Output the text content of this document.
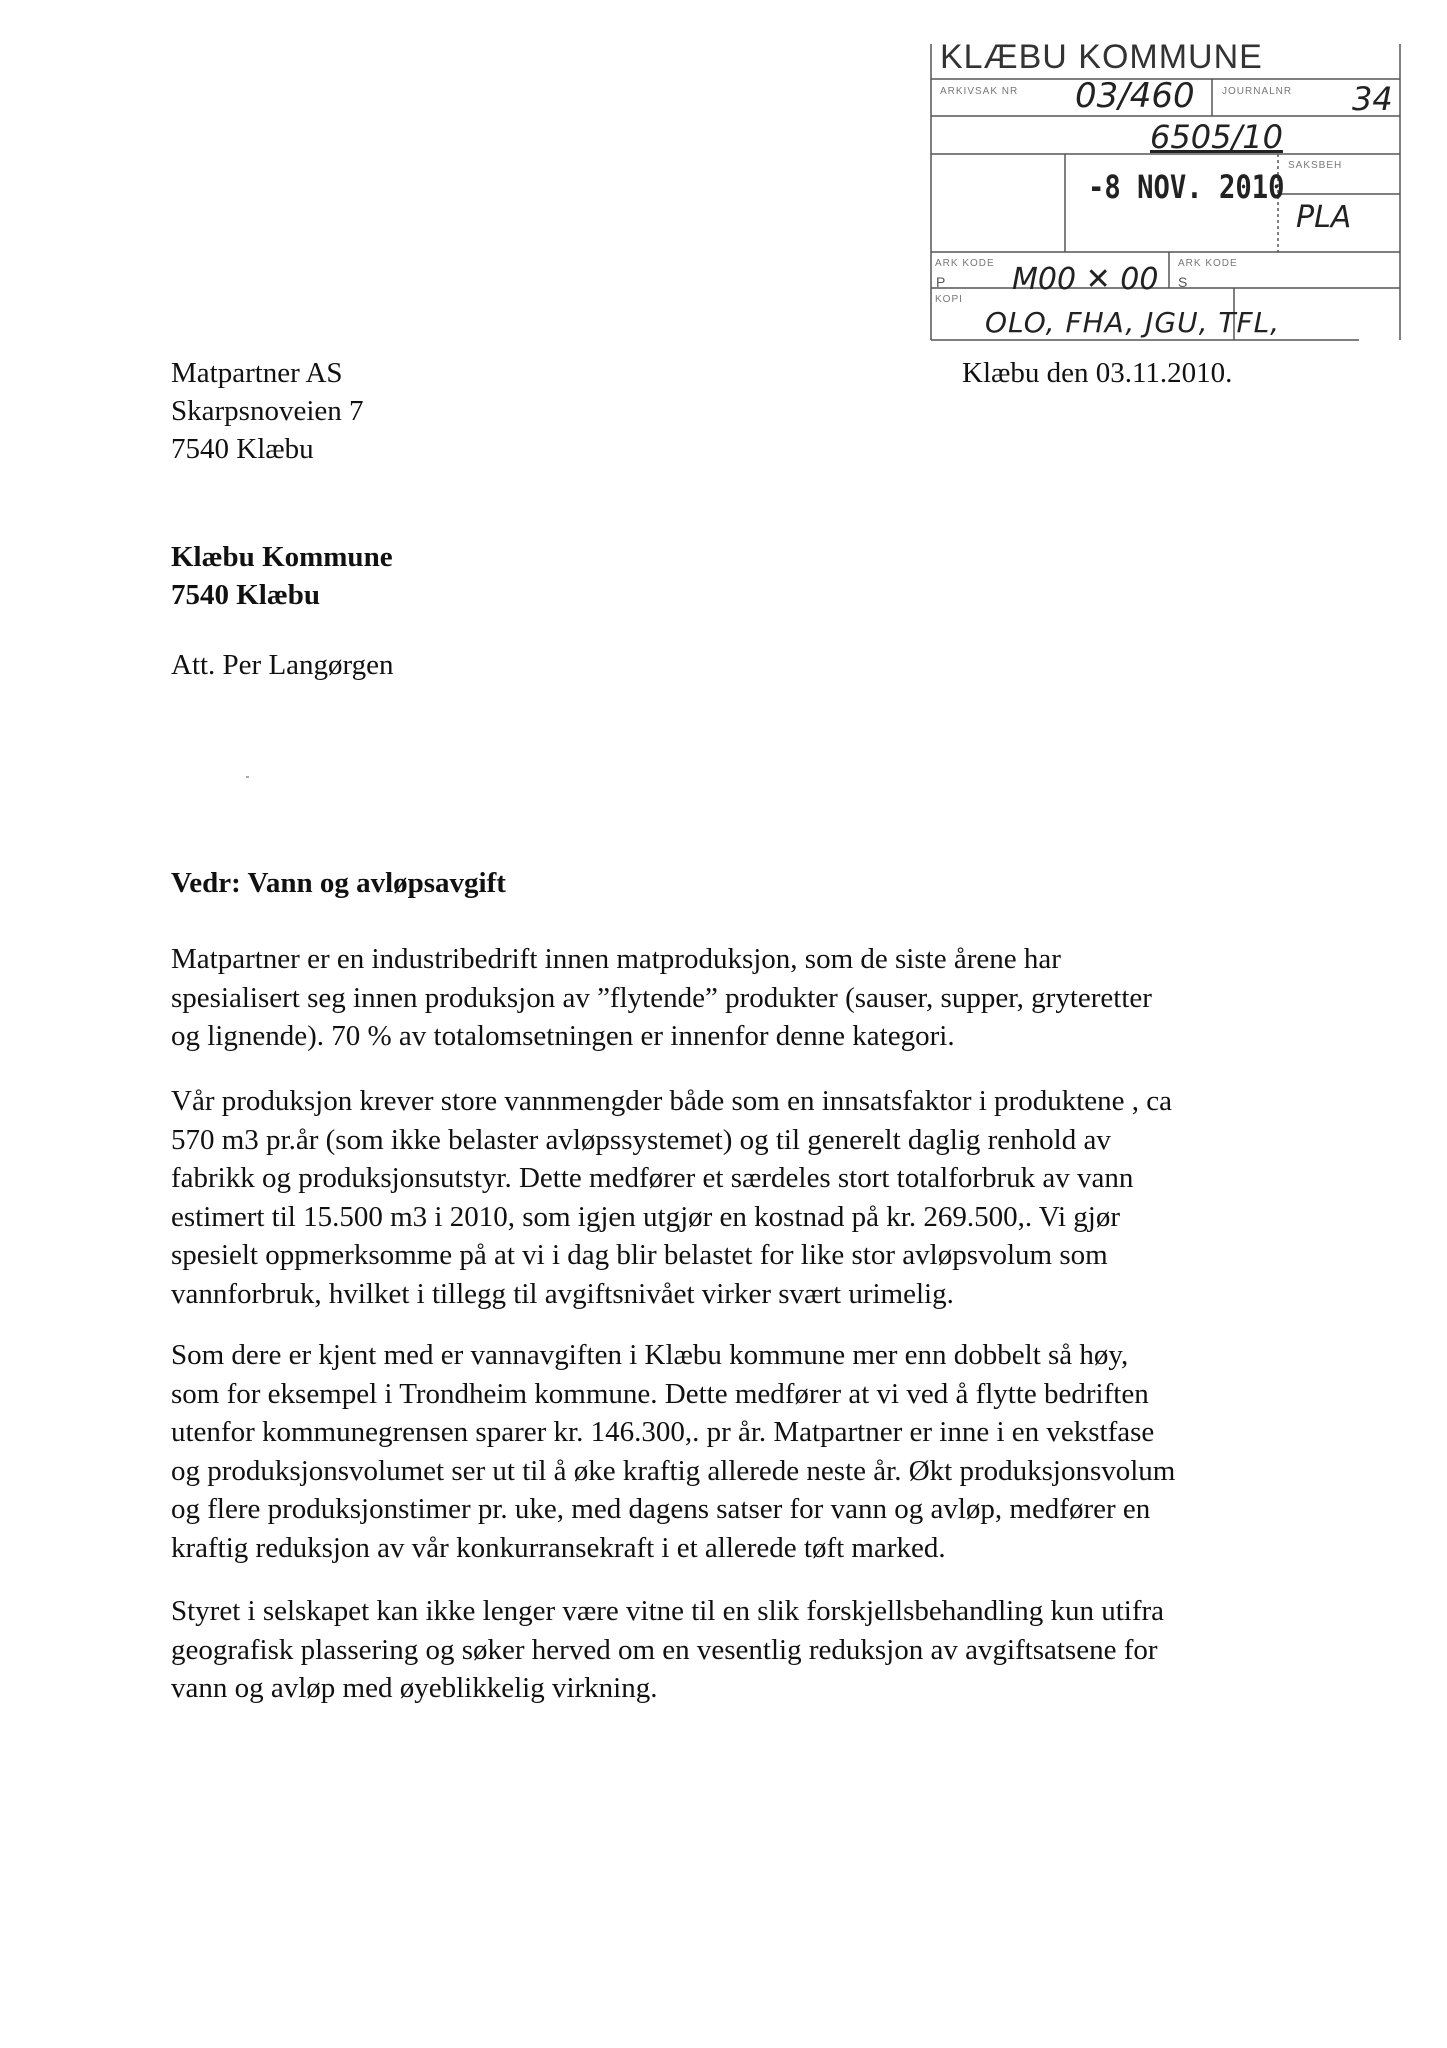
KLÆBU KOMMUNE
ARKIVSAK NR 03/460	JOURNALNR 34
6505/10
-8 NOV. 2010
SAKSBEH
PLA
ARK KODE
P M00 ✕ 00 ARK KODE
S
KOPI
OLO, FHA, JGU, TFL,
Matpartner AS
Skarpsnoveien 7
7540 Klæbu
Klæbu den 03.11.2010.
Klæbu Kommune
7540 Klæbu
Att. Per Langørgen
Vedr: Vann og avløpsavgift
Matpartner er en industribedrift innen matproduksjon, som de siste årene har
spesialisert seg innen produksjon av ”flytende” produkter (sauser, supper, gryteretter
og lignende). 70 % av totalomsetningen er innenfor denne kategori.
Vår produksjon krever store vannmengder både som en innsatsfaktor i produktene , ca
570 m3 pr.år (som ikke belaster avløpssystemet) og til generelt daglig renhold av
fabrikk og produksjonsutstyr. Dette medfører et særdeles stort totalforbruk av vann
estimert til 15.500 m3 i 2010, som igjen utgjør en kostnad på kr. 269.500,. Vi gjør
spesielt oppmerksomme på at vi i dag blir belastet for like stor avløpsvolum som
vannforbruk, hvilket i tillegg til avgiftsnivået virker svært urimelig.
Som dere er kjent med er vannavgiften i Klæbu kommune mer enn dobbelt så høy,
som for eksempel i Trondheim kommune. Dette medfører at vi ved å flytte bedriften
utenfor kommunegrensen sparer kr. 146.300,. pr år. Matpartner er inne i en vekstfase
og produksjonsvolumet ser ut til å øke kraftig allerede neste år. Økt produksjonsvolum
og flere produksjonstimer pr. uke, med dagens satser for vann og avløp, medfører en
kraftig reduksjon av vår konkurransekraft i et allerede tøft marked.
Styret i selskapet kan ikke lenger være vitne til en slik forskjellsbehandling kun utifra
geografisk plassering og søker herved om en vesentlig reduksjon av avgiftsatsene for
vann og avløp med øyeblikkelig virkning.
